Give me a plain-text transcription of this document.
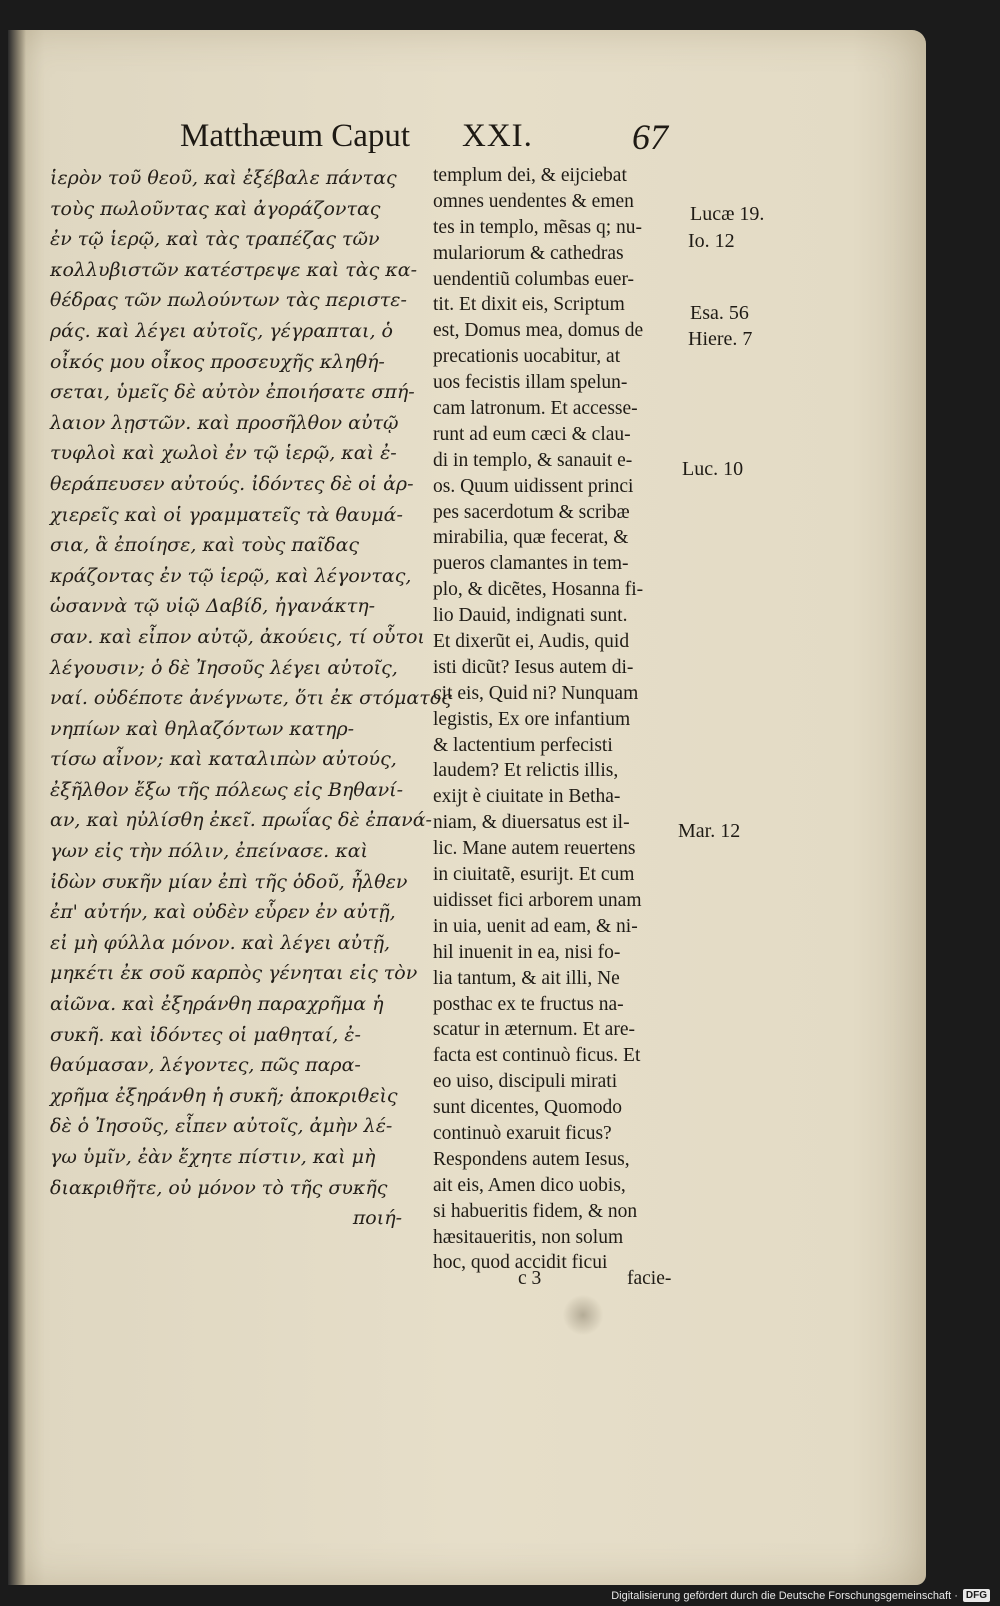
Matthæum Caput XXI.	67
ἱερὸν τοῦ θεοῦ, καὶ ἐξέβαλε πάντας
τοὺς πωλοῦντας καὶ ἀγοράζοντας
ἐν τῷ ἱερῷ, καὶ τὰς τραπέζας τῶν
κολλυβιστῶν κατέστρεψε καὶ τὰς κα-
θέδρας τῶν πωλούντων τὰς περιστε-
ράς. καὶ λέγει αὐτοῖς, γέγραπται, ὁ
οἶκός μου οἶκος προσευχῆς κληθή-
σεται, ὑμεῖς δὲ αὐτὸν ἐποιήσατε σπή-
λαιον λῃστῶν. καὶ προσῆλθον αὐτῷ
τυφλοὶ καὶ χωλοὶ ἐν τῷ ἱερῷ, καὶ ἐ-
θεράπευσεν αὐτούς. ἰδόντες δὲ οἱ ἀρ-
χιερεῖς καὶ οἱ γραμματεῖς τὰ θαυμά-
σια, ἃ ἐποίησε, καὶ τοὺς παῖδας
κράζοντας ἐν τῷ ἱερῷ, καὶ λέγοντας,
ὡσαννὰ τῷ υἱῷ Δαβίδ, ἠγανάκτη-
σαν. καὶ εἶπον αὐτῷ, ἀκούεις, τί οὗτοι
λέγουσιν; ὁ δὲ Ἰησοῦς λέγει αὐτοῖς,
ναί. οὐδέποτε ἀνέγνωτε, ὅτι ἐκ στόματος
νηπίων καὶ θηλαζόντων κατηρ-
τίσω αἶνον; καὶ καταλιπὼν αὐτούς,
ἐξῆλθον ἔξω τῆς πόλεως εἰς Βηθανί-
αν, καὶ ηὐλίσθη ἐκεῖ. πρωΐας δὲ ἐπανά-
γων εἰς τὴν πόλιν, ἐπείνασε. καὶ
ἰδὼν συκῆν μίαν ἐπὶ τῆς ὁδοῦ, ἦλθεν
ἐπ' αὐτήν, καὶ οὐδὲν εὗρεν ἐν αὐτῇ,
εἰ μὴ φύλλα μόνον. καὶ λέγει αὐτῇ,
μηκέτι ἐκ σοῦ καρπὸς γένηται εἰς τὸν
αἰῶνα. καὶ ἐξηράνθη παραχρῆμα ἡ
συκῆ. καὶ ἰδόντες οἱ μαθηταί, ἐ-
θαύμασαν, λέγοντες, πῶς παρα-
χρῆμα ἐξηράνθη ἡ συκῆ; ἀποκριθεὶς
δὲ ὁ Ἰησοῦς, εἶπεν αὐτοῖς, ἀμὴν λέ-
γω ὑμῖν, ἐὰν ἔχητε πίστιν, καὶ μὴ
διακριθῆτε, οὐ μόνον τὸ τῆς συκῆς
ποιή-
templum dei, & eijciebat
omnes uendentes & emen
tes in templo, mẽsas q; nu-
mulariorum & cathedras
uendentiũ columbas euer-
tit. Et dixit eis, Scriptum
est, Domus mea, domus de
precationis uocabitur, at
uos fecistis illam spelun-
cam latronum. Et accesse-
runt ad eum cæci & clau-
di in templo, & sanauit e-
os. Quum uidissent princi
pes sacerdotum & scribæ
mirabilia, quæ fecerat, &
pueros clamantes in tem-
plo, & dicẽtes, Hosanna fi-
lio Dauid, indignati sunt.
Et dixerũt ei, Audis, quid
isti dicũt? Iesus autem di-
cit eis, Quid ni? Nunquam
legistis, Ex ore infantium
& lactentium perfecisti
laudem? Et relictis illis,
exijt è ciuitate in Betha-
niam, & diuersatus est il-
lic. Mane autem reuertens
in ciuitatẽ, esurijt. Et cum
uidisset fici arborem unam
in uia, uenit ad eam, & ni-
hil inuenit in ea, nisi fo-
lia tantum, & ait illi, Ne
posthac ex te fructus na-
scatur in æternum. Et are-
facta est continuò ficus. Et
eo uiso, discipuli mirati
sunt dicentes, Quomodo
continuò exaruit ficus?
Respondens autem Iesus,
ait eis, Amen dico uobis,
si habueritis fidem, & non
hæsitaueritis, non solum
hoc, quod accidit ficui
c 3	facie-
Lucæ 19.
Io. 12
Esa. 56
Hiere. 7
Luc. 10
Mar. 12
Digitalisierung gefördert durch die Deutsche Forschungsgemeinschaft · DFG
